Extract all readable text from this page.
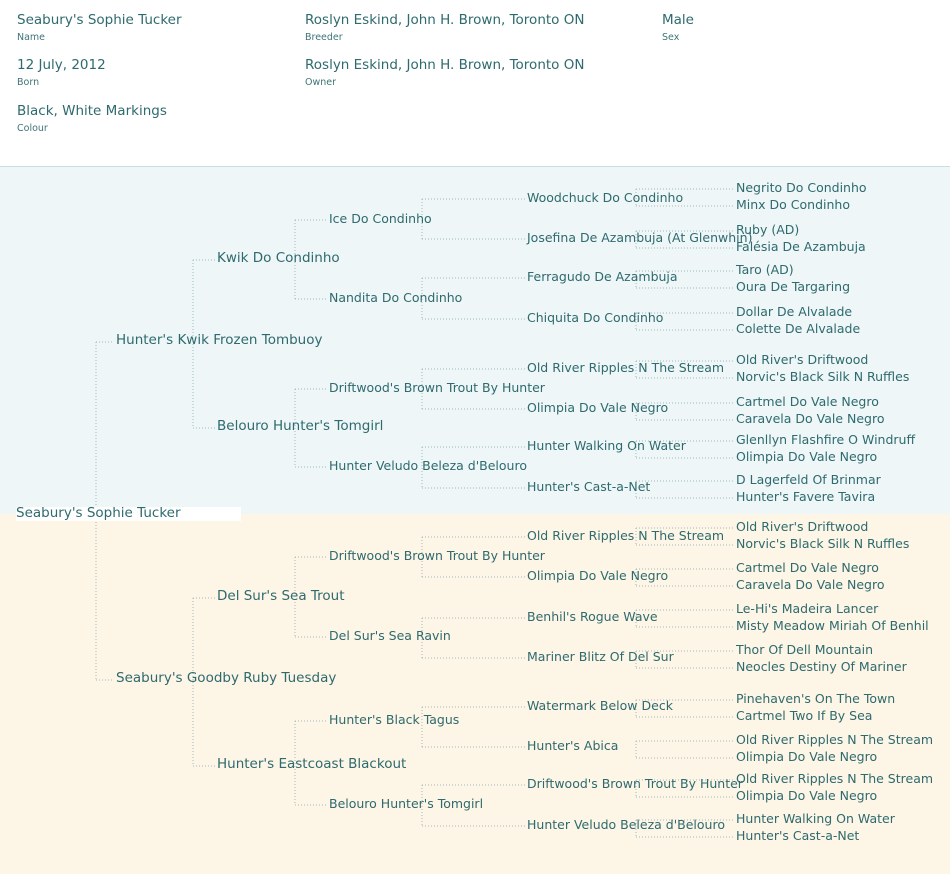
Seabury's Sophie Tucker
Name
12 July, 2012
Born
Black, White Markings
Colour
Roslyn Eskind, John H. Brown, Toronto ON
Breeder
Roslyn Eskind, John H. Brown, Toronto ON
Owner
Male
Sex
Seabury's Sophie Tucker
Hunter's Kwik Frozen Tombuoy
Seabury's Goodby Ruby Tuesday
Kwik Do Condinho
Belouro Hunter's Tomgirl
Del Sur's Sea Trout
Hunter's Eastcoast Blackout
Ice Do Condinho
Nandita Do Condinho
Driftwood's Brown Trout By Hunter
Hunter Veludo Beleza d'Belouro
Driftwood's Brown Trout By Hunter
Del Sur's Sea Ravin
Hunter's Black Tagus
Belouro Hunter's Tomgirl
Woodchuck Do Condinho
Josefina De Azambuja (At Glenwhin)
Ferragudo De Azambuja
Chiquita Do Condinho
Old River Ripples N The Stream
Olimpia Do Vale Negro
Hunter Walking On Water
Hunter's Cast-a-Net
Old River Ripples N The Stream
Olimpia Do Vale Negro
Benhil's Rogue Wave
Mariner Blitz Of Del Sur
Watermark Below Deck
Hunter's Abica
Driftwood's Brown Trout By Hunter
Hunter Veludo Beleza d'Belouro
Negrito Do Condinho
Minx Do Condinho
Ruby (AD)
Falésia De Azambuja
Taro (AD)
Oura De Targaring
Dollar De Alvalade
Colette De Alvalade
Old River's Driftwood
Norvic's Black Silk N Ruffles
Cartmel Do Vale Negro
Caravela Do Vale Negro
Glenllyn Flashfire O Windruff
Olimpia Do Vale Negro
D Lagerfeld Of Brinmar
Hunter's Favere Tavira
Old River's Driftwood
Norvic's Black Silk N Ruffles
Cartmel Do Vale Negro
Caravela Do Vale Negro
Le-Hi's Madeira Lancer
Misty Meadow Miriah Of Benhil
Thor Of Dell Mountain
Neocles Destiny Of Mariner
Pinehaven's On The Town
Cartmel Two If By Sea
Old River Ripples N The Stream
Olimpia Do Vale Negro
Old River Ripples N The Stream
Olimpia Do Vale Negro
Hunter Walking On Water
Hunter's Cast-a-Net
